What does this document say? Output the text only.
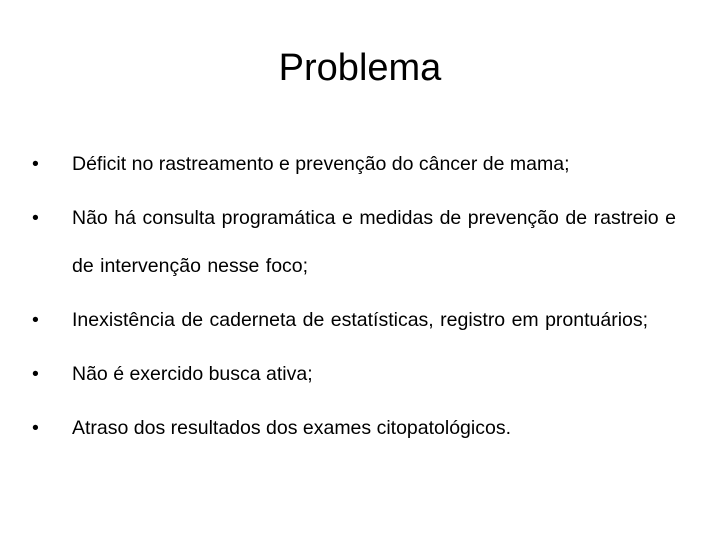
Problema
•	Déficit no rastreamento e prevenção do câncer de mama;
•	Não há consulta programática e medidas de prevenção de rastreio e de intervenção nesse foco;
•	Inexistência de caderneta de estatísticas, registro em prontuários;
•	Não é exercido busca ativa;
•	Atraso dos resultados dos exames citopatológicos.
